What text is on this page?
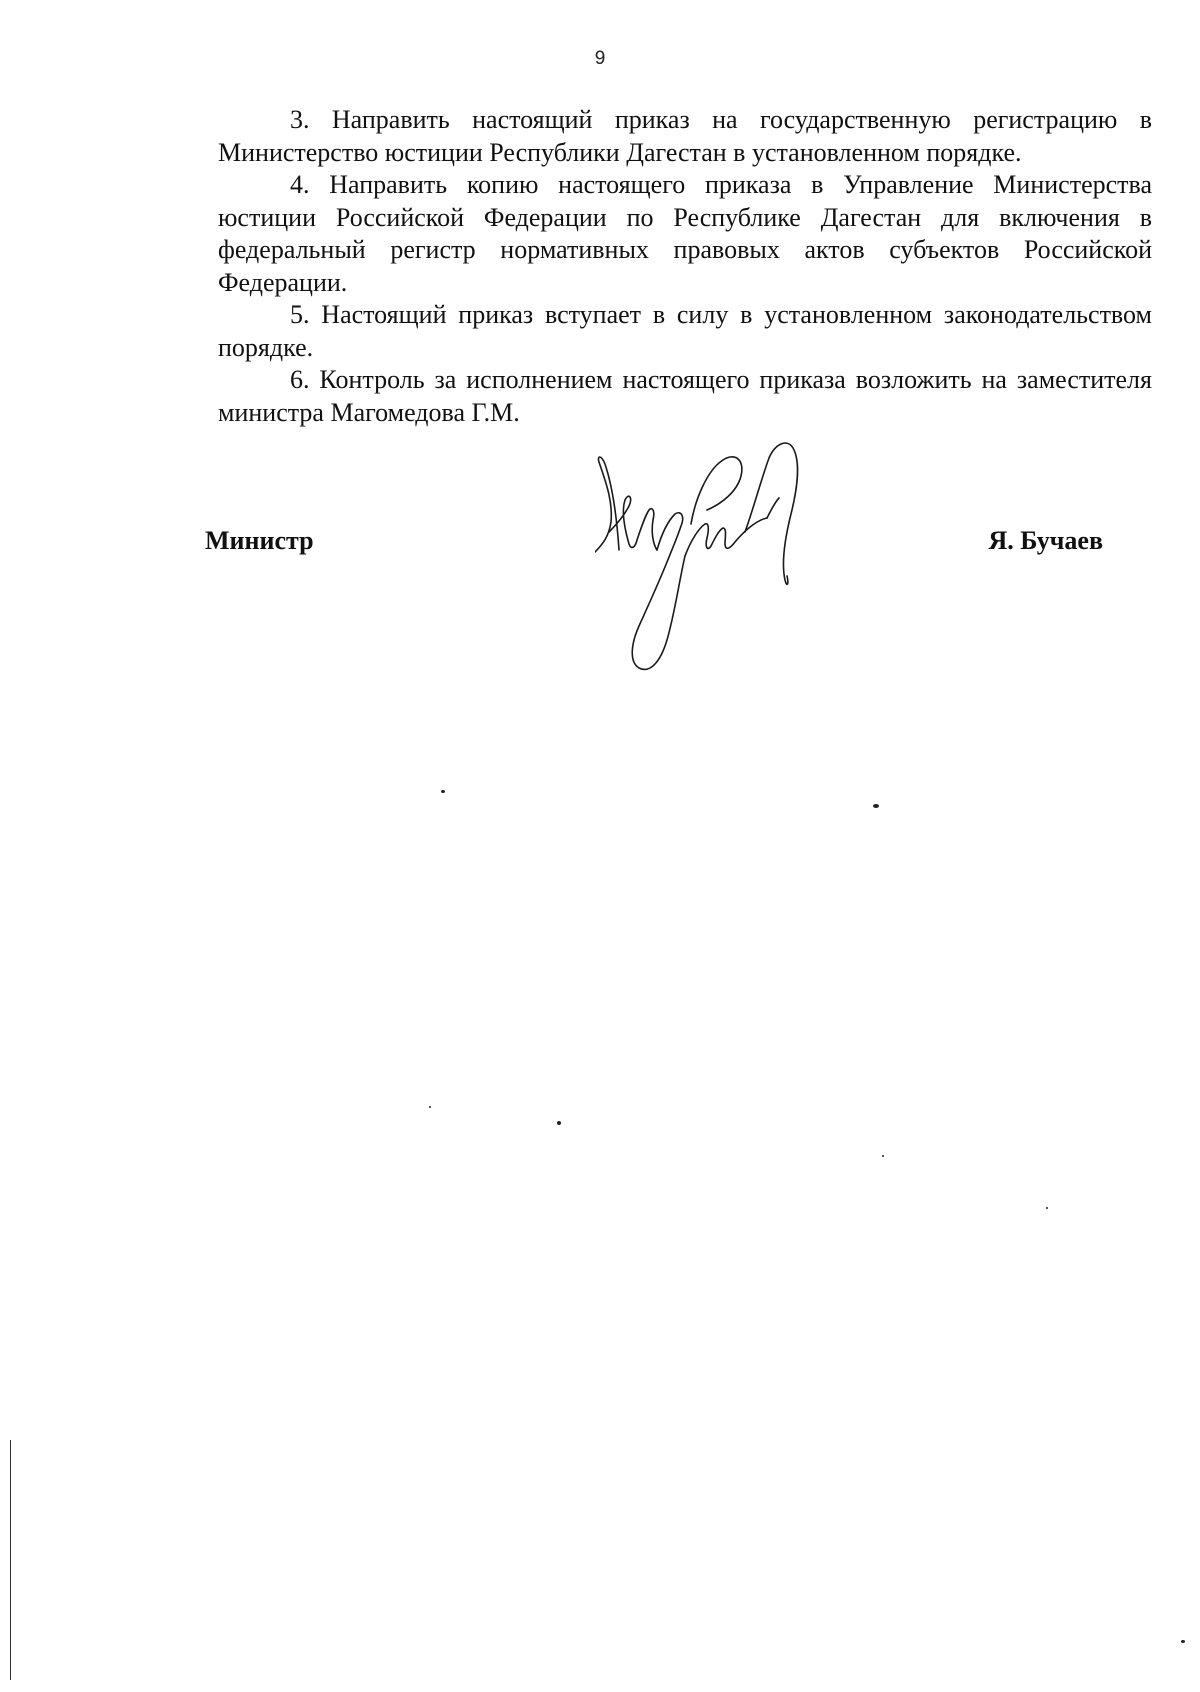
9

3. Направить настоящий приказ на государственную регистрацию в Министерство юстиции Республики Дагестан в установленном порядке.

4. Направить копию настоящего приказа в Управление Министерства юстиции Российской Федерации по Республике Дагестан для включения в федеральный регистр нормативных правовых актов субъектов Российской Федерации.

5. Настоящий приказ вступает в силу в установленном законодательством порядке.

6. Контроль за исполнением настоящего приказа возложить на заместителя министра Магомедова Г.М.

Министр	Я. Бучаев
